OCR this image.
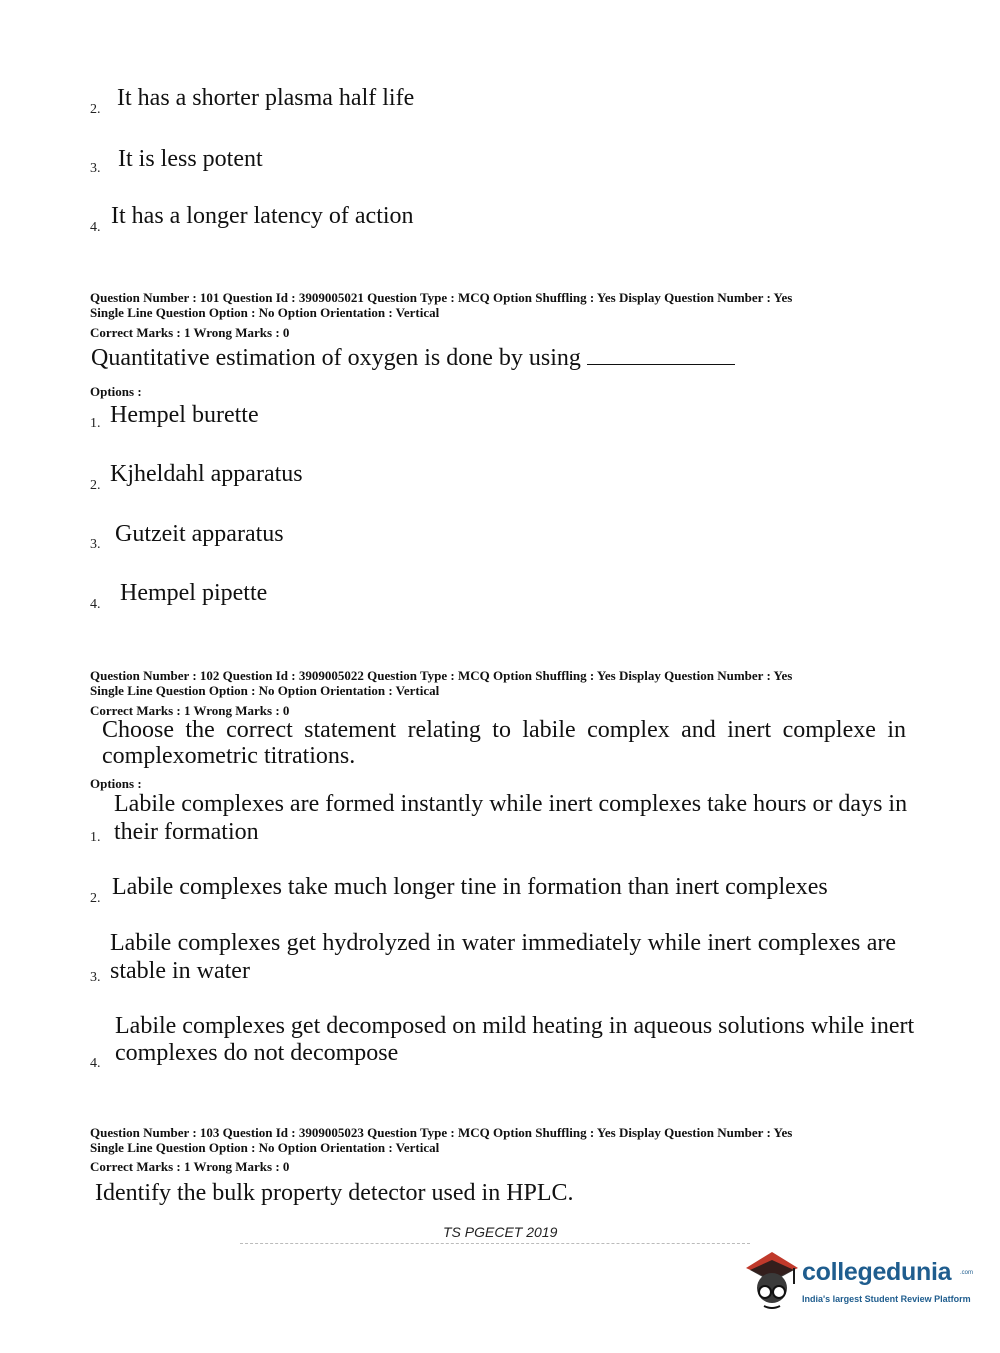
2. It has a shorter plasma half life
3. It is less potent
4. It has a longer latency of action
Question Number : 101 Question Id : 3909005021 Question Type : MCQ Option Shuffling : Yes Display Question Number : Yes
Single Line Question Option : No Option Orientation : Vertical
Correct Marks : 1 Wrong Marks : 0
Quantitative estimation of oxygen is done by using
Options :
1. Hempel burette
2. Kjheldahl apparatus
3. Gutzeit apparatus
4. Hempel pipette
Question Number : 102 Question Id : 3909005022 Question Type : MCQ Option Shuffling : Yes Display Question Number : Yes
Single Line Question Option : No Option Orientation : Vertical
Correct Marks : 1 Wrong Marks : 0
Choose the correct statement relating to labile complex and inert complexe in
complexometric titrations.
Options :
Labile complexes are formed instantly while inert complexes take hours or days in
1. their formation
2. Labile complexes take much longer tine in formation than inert complexes
Labile complexes get hydrolyzed in water immediately while inert complexes are
3. stable in water
Labile complexes get decomposed on mild heating in aqueous solutions while inert
4. complexes do not decompose
Question Number : 103 Question Id : 3909005023 Question Type : MCQ Option Shuffling : Yes Display Question Number : Yes
Single Line Question Option : No Option Orientation : Vertical
Correct Marks : 1 Wrong Marks : 0
Identify the bulk property detector used in HPLC.
TS PGECET 2019
collegedunia .com
India's largest Student Review Platform
